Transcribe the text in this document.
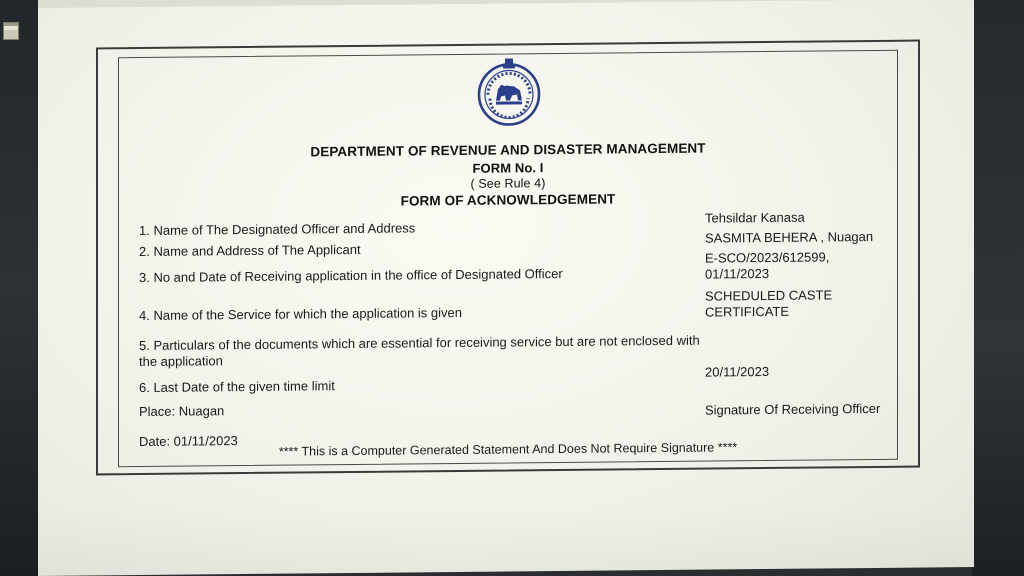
DEPARTMENT OF REVENUE AND DISASTER MANAGEMENT
FORM No. I
( See Rule 4)
FORM OF ACKNOWLEDGEMENT
1. Name of The Designated Officer and Address
Tehsildar Kanasa
2. Name and Address of The Applicant
SASMITA BEHERA , Nuagan
3. No and Date of Receiving application in the office of Designated Officer
E-SCO/2023/612599,
01/11/2023
4. Name of the Service for which the application is given
SCHEDULED CASTE
CERTIFICATE
5. Particulars of the documents which are essential for receiving service but are not enclosed with the application
6. Last Date of the given time limit
20/11/2023
Place: Nuagan	Signature Of Receiving Officer
Date: 01/11/2023	**** This is a Computer Generated Statement And Does Not Require Signature ****
